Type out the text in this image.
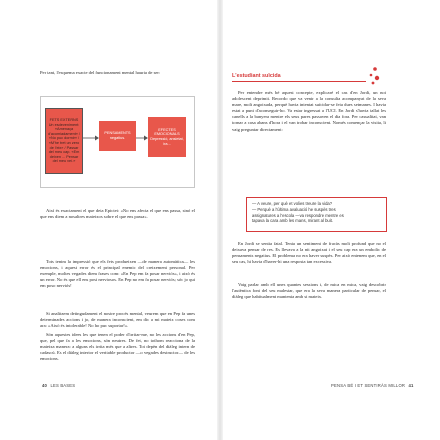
Per tant, l'esquema exacte del funcionament mental hauria de ser:

FETS EXTERNS Un esdeveniment: «Amenaça d'acomiadament» / «No puc dormir» / «M'he tret un zero de l'eix» / Passar del meu cap. «Em deixen ... Pensar del meu veí.»
PENSAMENTS negatius.
EFECTES EMOCIONALS Depressió, ansietat, ira...

Així és exactament el que deia Epictet: «No ens afecta el que ens passa, sinó el que ens diem a nosaltres mateixos sobre el que ens passa».

Tots tenim la impressió que els fets produeixen —de manera automàtica— les emocions, i aquest error és el principal enemic del creixement personal. Per exemple, moltes vegades diem frases com: «En Pep em fa posar nerviós», i això és un error. No és que ell ens posi nerviosos. En Pep no em fa posar nerviós; sóc jo qui em poso nerviós!

Si analitzem detingudament el nostre procés mental, veurem que en Pep fa unes determinades accions i jo, de manera inconscient, em dic a mi mateix coses com ara: «Això és intolerable! No ho puc suportar!».

Són aquestes idees les que tenen el poder d'irritar-me, no les accions d'en Pep, que, pel que fa a les emocions, són neutres. De fet, no tothom reacciona de la mateixa manera: a alguns els irrita més que a altres. Tot depèn del diàleg intern de cadascú. Es el diàleg interior el veritable productor —o vegades destructor— de les emocions.

40 LES BASES
L'estudiant suïcida

Per entendre més bé aquest concepte, explicaré el cas d'en Jordi, un noi adolescent deprimit. Recordo que va venir a la consulta acompanyat de la seva mare, molt angoixada, perquè havia intentat suïcidar-se feia dues setmanes. I havia estat a punt d'aconseguir-ho. Va estar ingressat a l'UCI. En Jordi s'havia tallat les canells a la banyera mentre els seus pares passaven el dia fora. Per casualitat, van tornar a casa abans d'hora i el van trobar inconscient. Només començar la visita, li vaig preguntar directament:

— A veure, per què et volies treure la vida?
— Perquè a l'última avaluació he suspès tres
assignatures a l'escola —va respondre mentre es
tapava la cara amb les mans, mirant al buit.

En Jordi se sentia fatal. Tenia un sentiment de fracàs molt profund que no el deixava pensar de res. Es llevava a la nit angoixat i el seu cap era un embolic de pensaments negatius. El problema no era haver suspès. Per això entenem que, en el seu cas, hi havia d'haver-hi una resposta tan excessiva.

Vaig parlar amb ell unes quantes sessions i, de mica en mica, vaig descobrir l'autèntica font del seu malestar, que era la seva manera particular de pensar, el diàleg que habitualment mantenia amb si mateix.

PENSA BÉ I ET SENTIRÀS MILLOR 41
